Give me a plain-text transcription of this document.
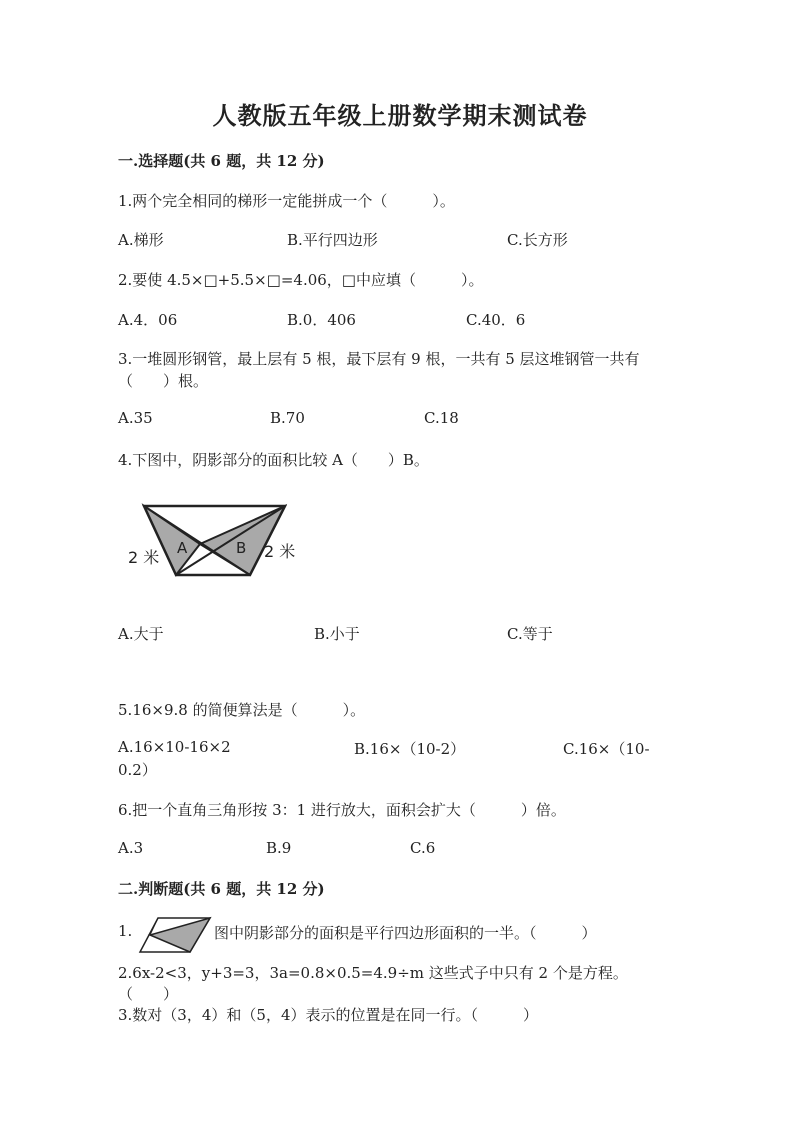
人教版五年级上册数学期末测试卷
一.选择题(共 6 题，共 12 分)
1.两个完全相同的梯形一定能拼成一个（　　　）。
A.梯形	B.平行四边形	C.长方形
2.要使 4.5×□+5.5×□=4.06，□中应填（　　　）。
A.4．06	B.0．406	C.40．6
3.一堆圆形钢管，最上层有 5 根，最下层有 9 根，一共有 5 层这堆钢管一共有
（　　）根。
A.35	B.70	C.18
4.下图中，阴影部分的面积比较 A（　　）B。
2 米 A	B 2 米
A.大于	B.小于	C.等于
5.16×9.8 的简便算法是（　　　）。
A.16×10-16×2	B.16×（10-2）	C.16×（10-
0.2）
6.把一个直角三角形按 3：1 进行放大，面积会扩大（　　　）倍。
A.3	B.9	C.6
二.判断题(共 6 题，共 12 分)
1.	图中阴影部分的面积是平行四边形面积的一半。（　　　）
2.6x-2<3，y+3=3，3a=0.8×0.5=4.9÷m 这些式子中只有 2 个是方程。
（　　）
3.数对（3，4）和（5，4）表示的位置是在同一行。（　　　）
